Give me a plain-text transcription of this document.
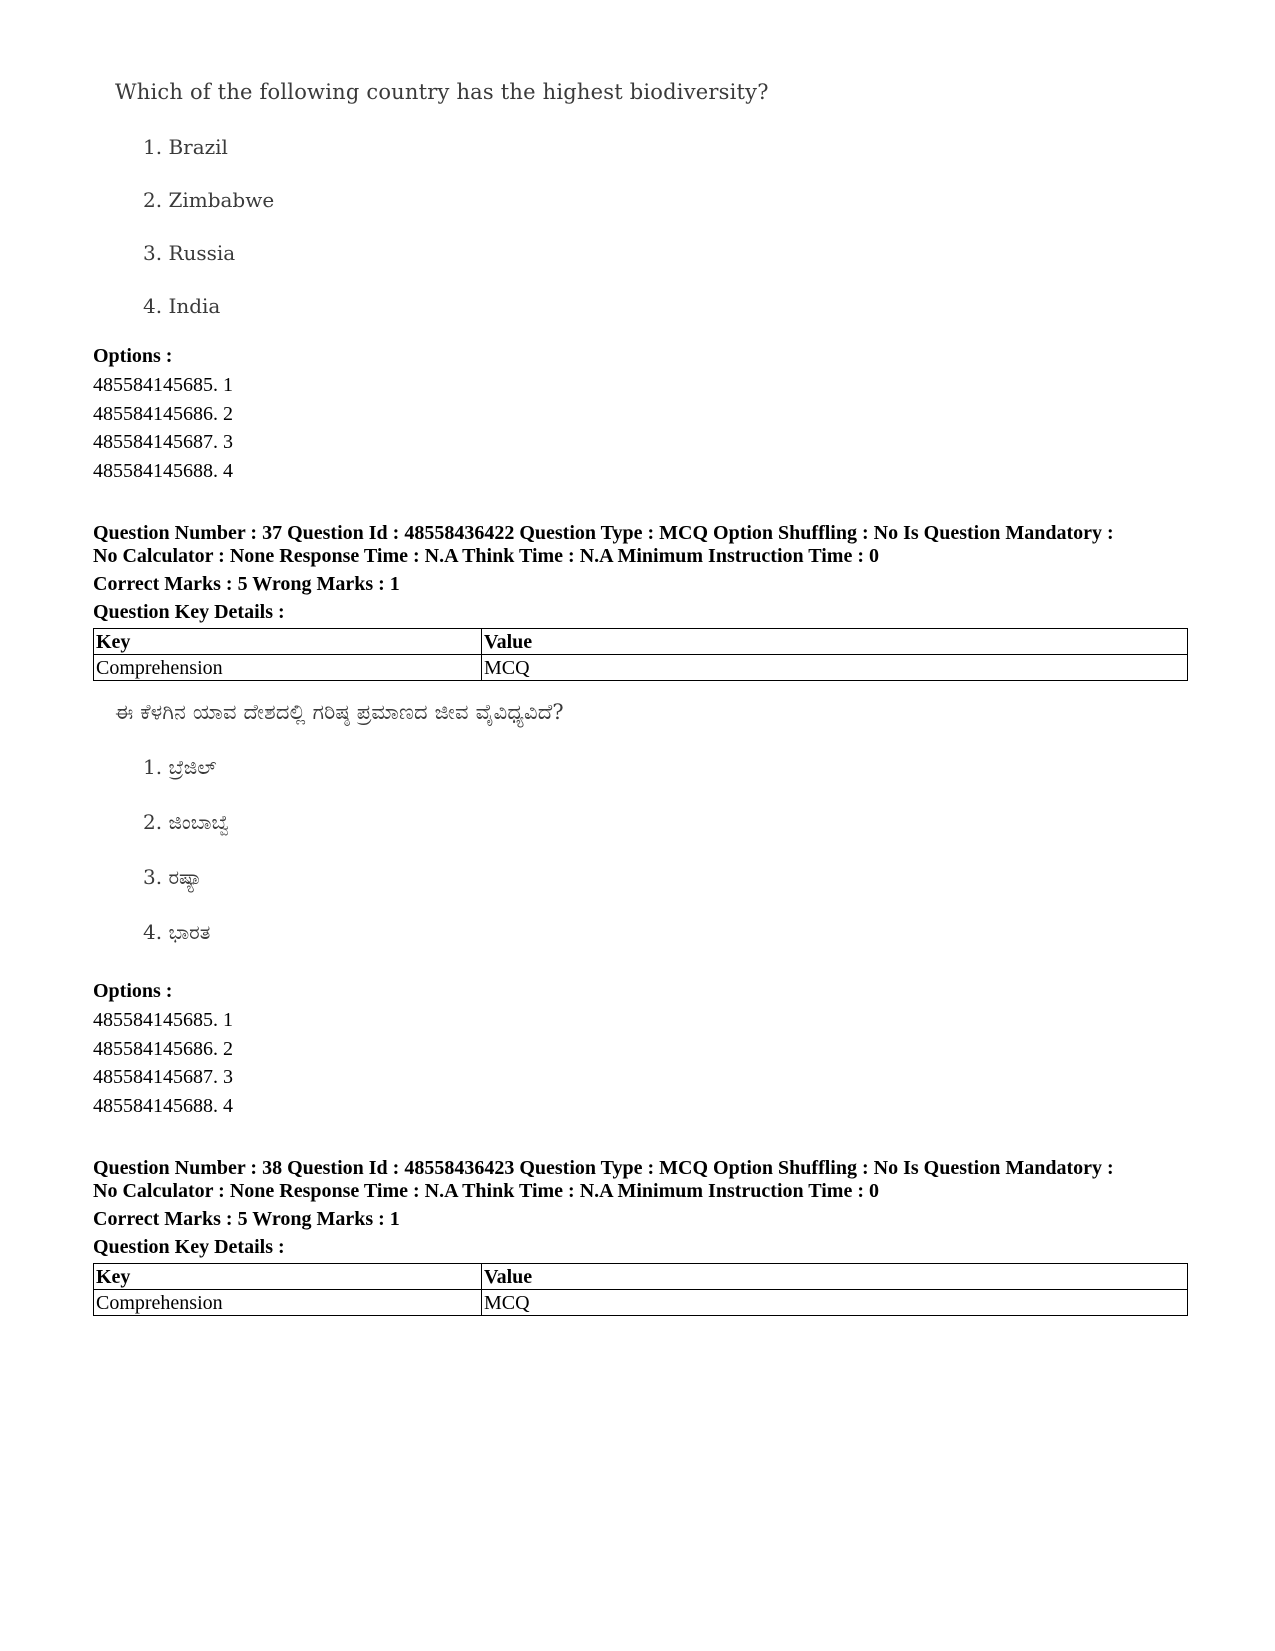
Which of the following country has the highest biodiversity?
1. Brazil
2. Zimbabwe
3. Russia
4. India
Options :
485584145685. 1
485584145686. 2
485584145687. 3
485584145688. 4
Question Number : 37 Question Id : 48558436422 Question Type : MCQ Option Shuffling : No Is Question Mandatory :
No Calculator : None Response Time : N.A Think Time : N.A Minimum Instruction Time : 0
Correct Marks : 5 Wrong Marks : 1
Question Key Details :
Key	Value
Comprehension	MCQ
ಈ ಕೆಳಗಿನ ಯಾವ ದೇಶದಲ್ಲಿ ಗರಿಷ್ಠ ಪ್ರಮಾಣದ ಜೀವ ವೈವಿಧ್ಯವಿದೆ?
1. ಬ್ರೆಜಿಲ್
2. ಜಿಂಬಾಬ್ವೆ
3. ರಷ್ಯಾ
4. ಭಾರತ
Options :
485584145685. 1
485584145686. 2
485584145687. 3
485584145688. 4
Question Number : 38 Question Id : 48558436423 Question Type : MCQ Option Shuffling : No Is Question Mandatory :
No Calculator : None Response Time : N.A Think Time : N.A Minimum Instruction Time : 0
Correct Marks : 5 Wrong Marks : 1
Question Key Details :
Key	Value
Comprehension	MCQ
